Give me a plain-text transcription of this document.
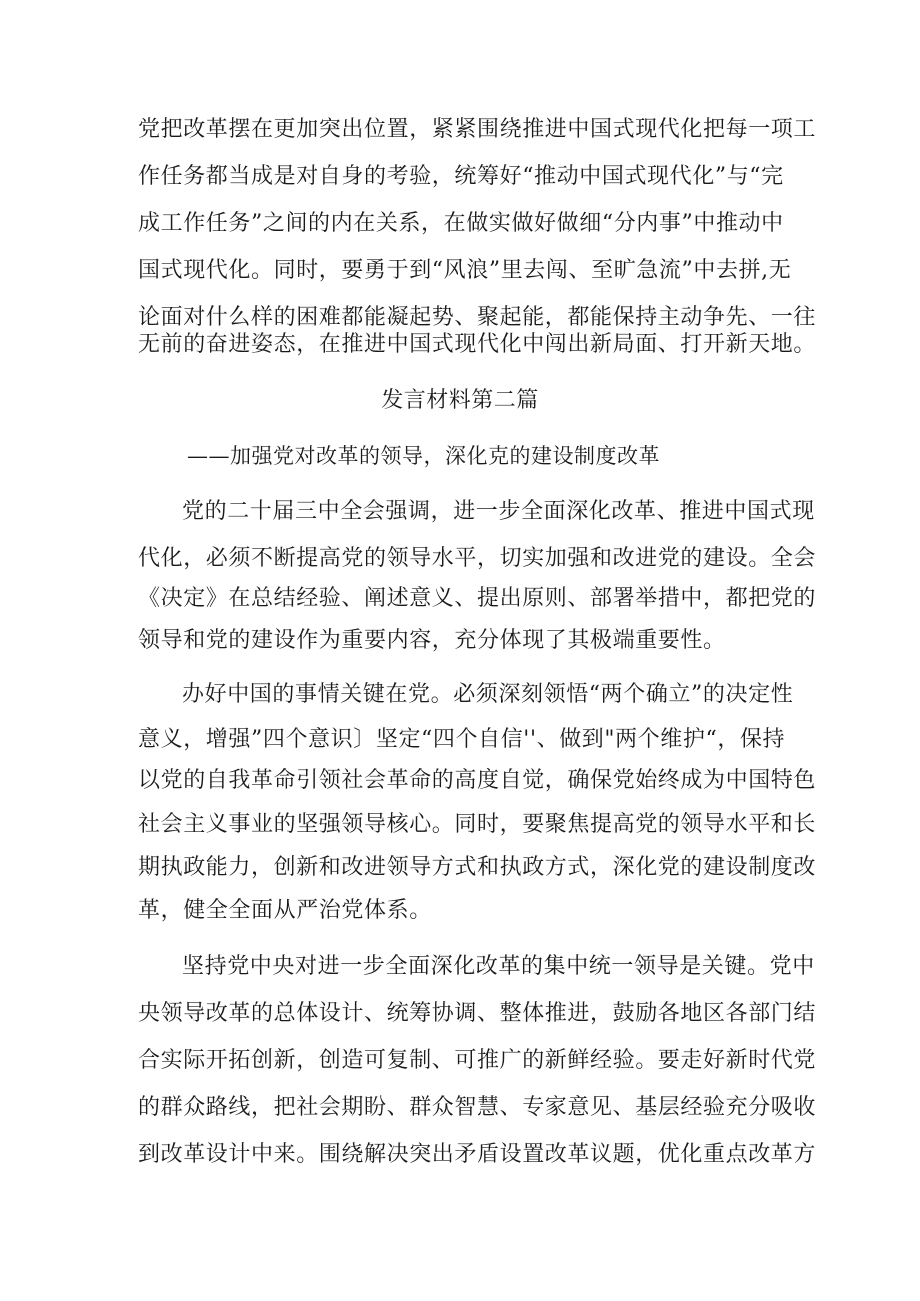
党把改革摆在更加突出位置，紧紧围绕推进中国式现代化把每一项工
作任务都当成是对自身的考验，统筹好“推动中国式现代化”与“完
成工作任务”之间的内在关系，在做实做好做细“分内事”中推动中
国式现代化。同时，要勇于到“风浪”里去闯、至旷急流”中去拼,无
论面对什么样的困难都能凝起势、聚起能，都能保持主动争先、一往
无前的奋进姿态，在推进中国式现代化中闯出新局面、打开新天地。
发言材料第二篇
——加强党对改革的领导，深化克的建设制度改革
党的二十届三中全会强调，进一步全面深化改革、推进中国式现
代化，必须不断提高党的领导水平，切实加强和改进党的建设。全会
《决定》在总结经验、阐述意义、提出原则、部署举措中，都把党的
领导和党的建设作为重要内容，充分体现了其极端重要性。
办好中国的事情关键在党。必须深刻领悟“两个确立”的决定性
意义，增强”四个意识〕坚定“四个自信''、做到"两个维护“，保持
以党的自我革命引领社会革命的高度自觉，确保党始终成为中国特色
社会主义事业的坚强领导核心。同时，要聚焦提高党的领导水平和长
期执政能力，创新和改进领导方式和执政方式，深化党的建设制度改
革，健全全面从严治党体系。
坚持党中央对进一步全面深化改革的集中统一领导是关键。党中
央领导改革的总体设计、统筹协调、整体推进，鼓励各地区各部门结
合实际开拓创新，创造可复制、可推广的新鲜经验。要走好新时代党
的群众路线，把社会期盼、群众智慧、专家意见、基层经验充分吸收
到改革设计中来。围绕解决突出矛盾设置改革议题，优化重点改革方
